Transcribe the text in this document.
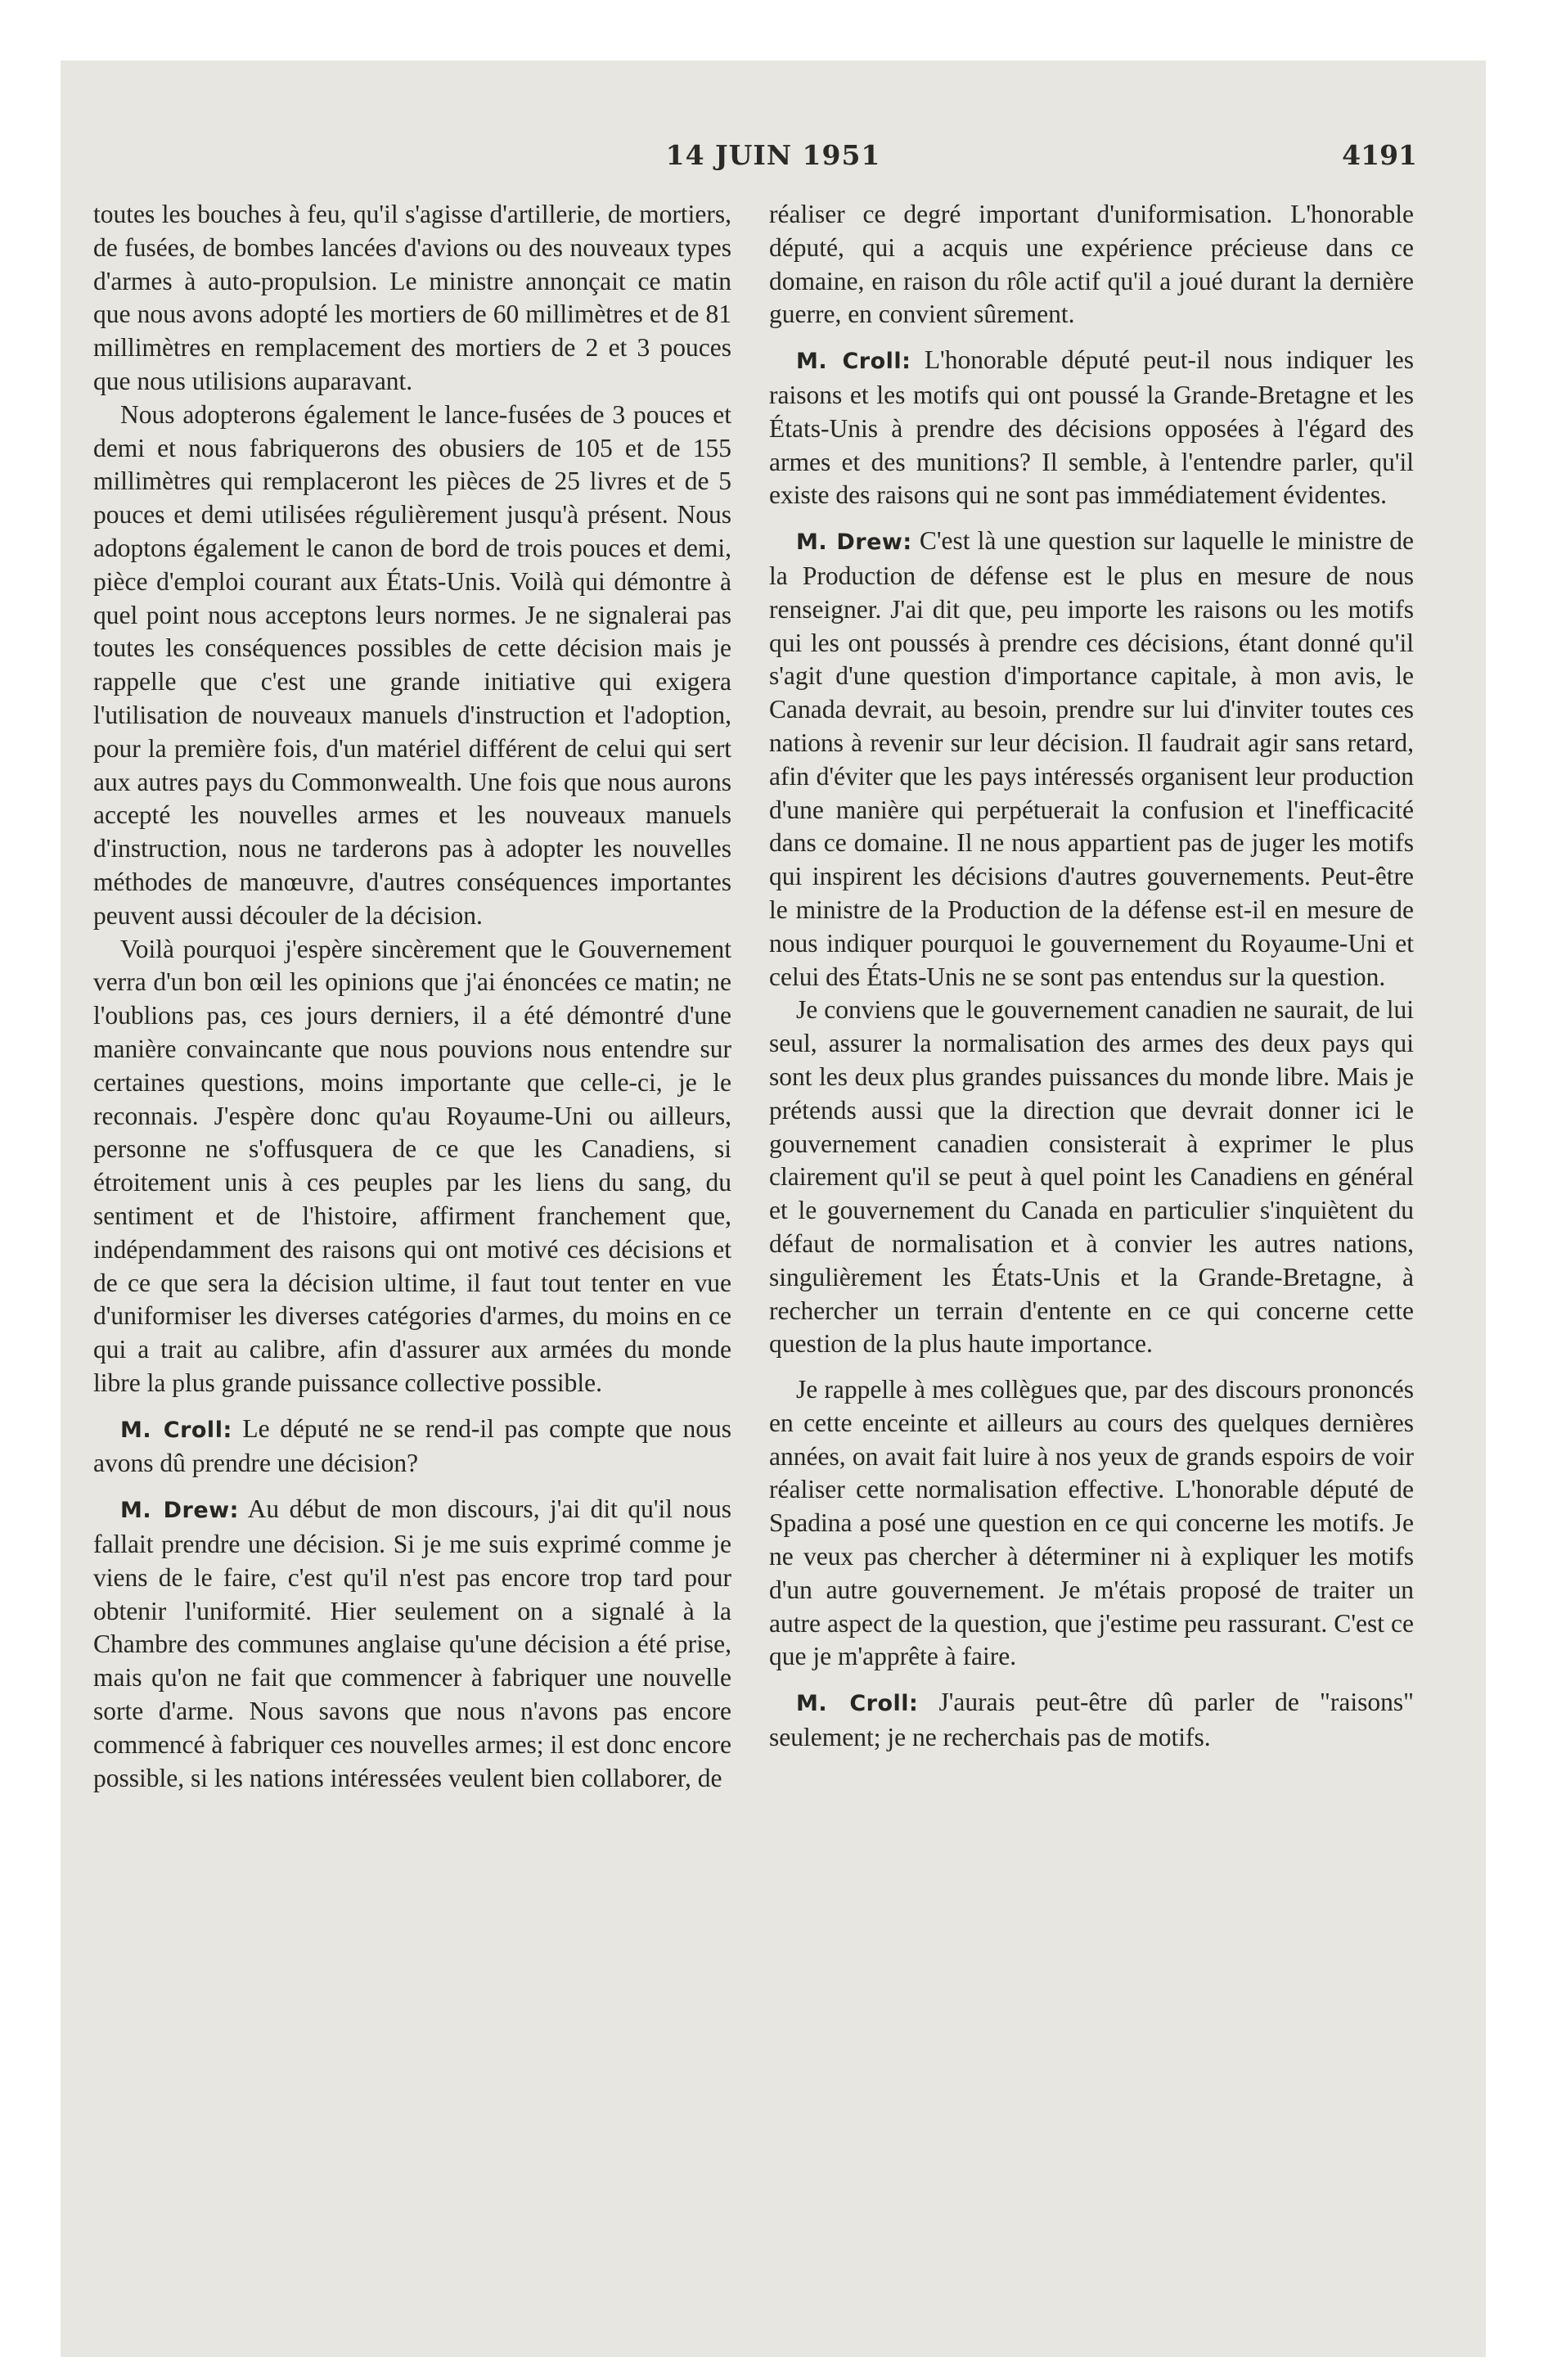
14 JUIN 1951	4191

toutes les bouches à feu, qu'il s'agisse d'artillerie, de mortiers, de fusées, de bombes lancées d'avions ou des nouveaux types d'armes à auto-propulsion. Le ministre annonçait ce matin que nous avons adopté les mortiers de 60 millimètres et de 81 millimètres en remplacement des mortiers de 2 et 3 pouces que nous utilisions auparavant.

Nous adopterons également le lance-fusées de 3 pouces et demi et nous fabriquerons des obusiers de 105 et de 155 millimètres qui remplaceront les pièces de 25 livres et de 5 pouces et demi utilisées régulièrement jusqu'à présent. Nous adoptons également le canon de bord de trois pouces et demi, pièce d'emploi courant aux États-Unis. Voilà qui démontre à quel point nous acceptons leurs normes. Je ne signalerai pas toutes les conséquences possibles de cette décision mais je rappelle que c'est une grande initiative qui exigera l'utilisation de nouveaux manuels d'instruction et l'adoption, pour la première fois, d'un matériel différent de celui qui sert aux autres pays du Commonwealth. Une fois que nous aurons accepté les nouvelles armes et les nouveaux manuels d'instruction, nous ne tarderons pas à adopter les nouvelles méthodes de manœuvre, d'autres conséquences importantes peuvent aussi découler de la décision.

Voilà pourquoi j'espère sincèrement que le Gouvernement verra d'un bon œil les opinions que j'ai énoncées ce matin; ne l'oublions pas, ces jours derniers, il a été démontré d'une manière convaincante que nous pouvions nous entendre sur certaines questions, moins importante que celle-ci, je le reconnais. J'espère donc qu'au Royaume-Uni ou ailleurs, personne ne s'offusquera de ce que les Canadiens, si étroitement unis à ces peuples par les liens du sang, du sentiment et de l'histoire, affirment franchement que, indépendamment des raisons qui ont motivé ces décisions et de ce que sera la décision ultime, il faut tout tenter en vue d'uniformiser les diverses catégories d'armes, du moins en ce qui a trait au calibre, afin d'assurer aux armées du monde libre la plus grande puissance collective possible.

M. Croll: Le député ne se rend-il pas compte que nous avons dû prendre une décision?

M. Drew: Au début de mon discours, j'ai dit qu'il nous fallait prendre une décision. Si je me suis exprimé comme je viens de le faire, c'est qu'il n'est pas encore trop tard pour obtenir l'uniformité. Hier seulement on a signalé à la Chambre des communes anglaise qu'une décision a été prise, mais qu'on ne fait que commencer à fabriquer une nouvelle sorte d'arme. Nous savons que nous n'avons pas encore commencé à fabriquer ces nouvelles armes; il est donc encore possible, si les nations intéressées veulent bien collaborer, de

réaliser ce degré important d'uniformisation. L'honorable député, qui a acquis une expérience précieuse dans ce domaine, en raison du rôle actif qu'il a joué durant la dernière guerre, en convient sûrement.

M. Croll: L'honorable député peut-il nous indiquer les raisons et les motifs qui ont poussé la Grande-Bretagne et les États-Unis à prendre des décisions opposées à l'égard des armes et des munitions? Il semble, à l'entendre parler, qu'il existe des raisons qui ne sont pas immédiatement évidentes.

M. Drew: C'est là une question sur laquelle le ministre de la Production de défense est le plus en mesure de nous renseigner. J'ai dit que, peu importe les raisons ou les motifs qui les ont poussés à prendre ces décisions, étant donné qu'il s'agit d'une question d'importance capitale, à mon avis, le Canada devrait, au besoin, prendre sur lui d'inviter toutes ces nations à revenir sur leur décision. Il faudrait agir sans retard, afin d'éviter que les pays intéressés organisent leur production d'une manière qui perpétuerait la confusion et l'inefficacité dans ce domaine. Il ne nous appartient pas de juger les motifs qui inspirent les décisions d'autres gouvernements. Peut-être le ministre de la Production de la défense est-il en mesure de nous indiquer pourquoi le gouvernement du Royaume-Uni et celui des États-Unis ne se sont pas entendus sur la question.

Je conviens que le gouvernement canadien ne saurait, de lui seul, assurer la normalisation des armes des deux pays qui sont les deux plus grandes puissances du monde libre. Mais je prétends aussi que la direction que devrait donner ici le gouvernement canadien consisterait à exprimer le plus clairement qu'il se peut à quel point les Canadiens en général et le gouvernement du Canada en particulier s'inquiètent du défaut de normalisation et à convier les autres nations, singulièrement les États-Unis et la Grande-Bretagne, à rechercher un terrain d'entente en ce qui concerne cette question de la plus haute importance.

Je rappelle à mes collègues que, par des discours prononcés en cette enceinte et ailleurs au cours des quelques dernières années, on avait fait luire à nos yeux de grands espoirs de voir réaliser cette normalisation effective. L'honorable député de Spadina a posé une question en ce qui concerne les motifs. Je ne veux pas chercher à déterminer ni à expliquer les motifs d'un autre gouvernement. Je m'étais proposé de traiter un autre aspect de la question, que j'estime peu rassurant. C'est ce que je m'apprête à faire.

M. Croll: J'aurais peut-être dû parler de "raisons" seulement; je ne recherchais pas de motifs.
